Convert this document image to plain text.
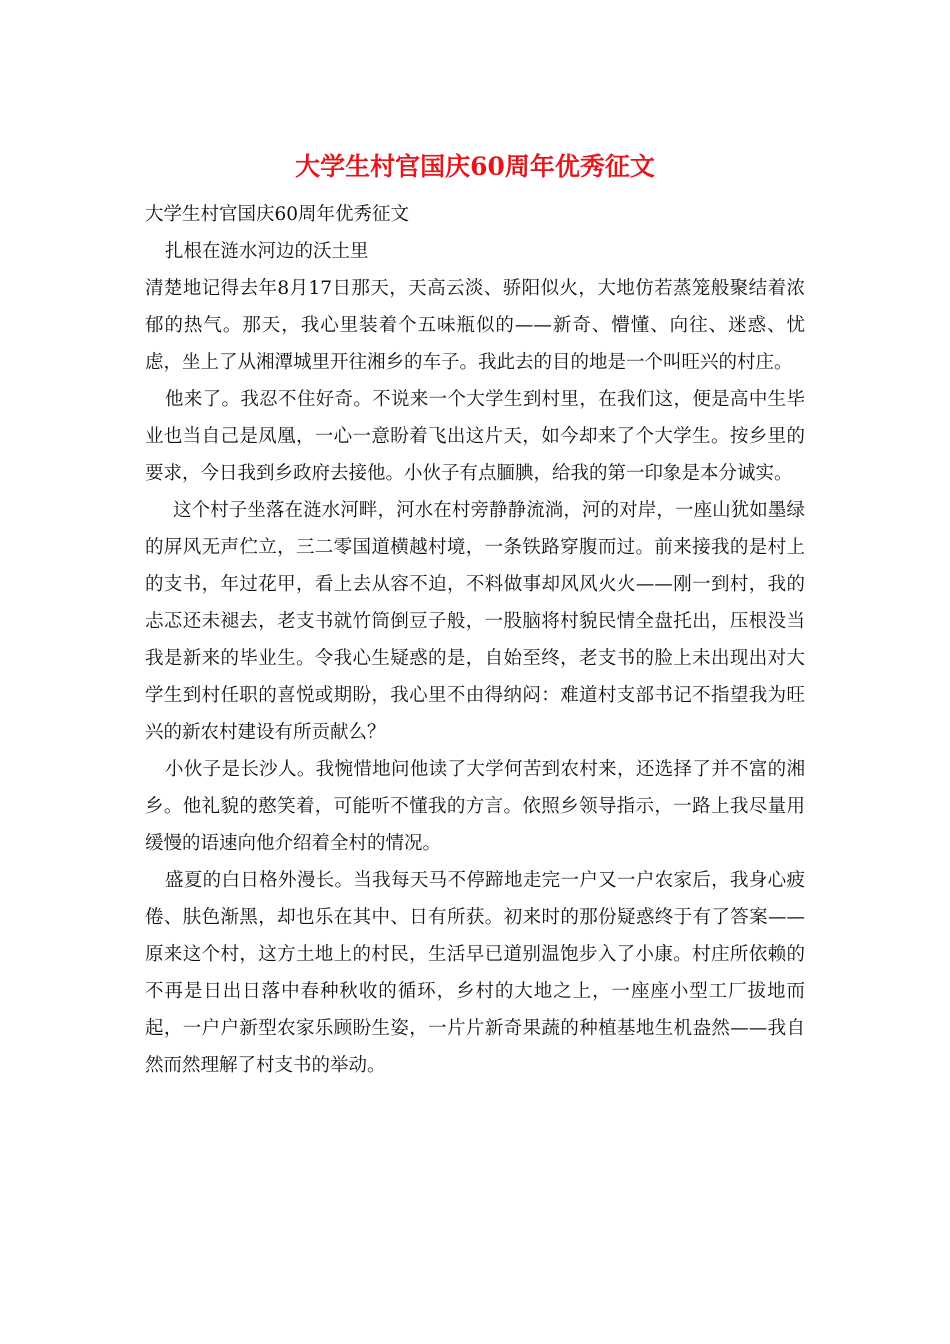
大学生村官国庆60周年优秀征文

大学生村官国庆60周年优秀征文

扎根在涟水河边的沃土里

清楚地记得去年8月17日那天，天高云淡、骄阳似火，大地仿若蒸笼般聚结着浓郁的热气。那天，我心里装着个五味瓶似的——新奇、懵懂、向往、迷惑、忧虑，坐上了从湘潭城里开往湘乡的车子。我此去的目的地是一个叫旺兴的村庄。

他来了。我忍不住好奇。不说来一个大学生到村里，在我们这，便是高中生毕业也当自己是凤凰，一心一意盼着飞出这片天，如今却来了个大学生。按乡里的要求，今日我到乡政府去接他。小伙子有点腼腆，给我的第一印象是本分诚实。

这个村子坐落在涟水河畔，河水在村旁静静流淌，河的对岸，一座山犹如墨绿的屏风无声伫立，三二零国道横越村境，一条铁路穿腹而过。前来接我的是村上的支书，年过花甲，看上去从容不迫，不料做事却风风火火——刚一到村，我的忐忑还未褪去，老支书就竹筒倒豆子般，一股脑将村貌民情全盘托出，压根没当我是新来的毕业生。令我心生疑惑的是，自始至终，老支书的脸上未出现出对大学生到村任职的喜悦或期盼，我心里不由得纳闷：难道村支部书记不指望我为旺兴的新农村建设有所贡献么？

小伙子是长沙人。我惋惜地问他读了大学何苦到农村来，还选择了并不富的湘乡。他礼貌的憨笑着，可能听不懂我的方言。依照乡领导指示，一路上我尽量用缓慢的语速向他介绍着全村的情况。

盛夏的白日格外漫长。当我每天马不停蹄地走完一户又一户农家后，我身心疲倦、肤色渐黑，却也乐在其中、日有所获。初来时的那份疑惑终于有了答案——原来这个村，这方土地上的村民，生活早已道别温饱步入了小康。村庄所依赖的不再是日出日落中春种秋收的循环，乡村的大地之上，一座座小型工厂拔地而起，一户户新型农家乐顾盼生姿，一片片新奇果蔬的种植基地生机盎然——我自然而然理解了村支书的举动。
